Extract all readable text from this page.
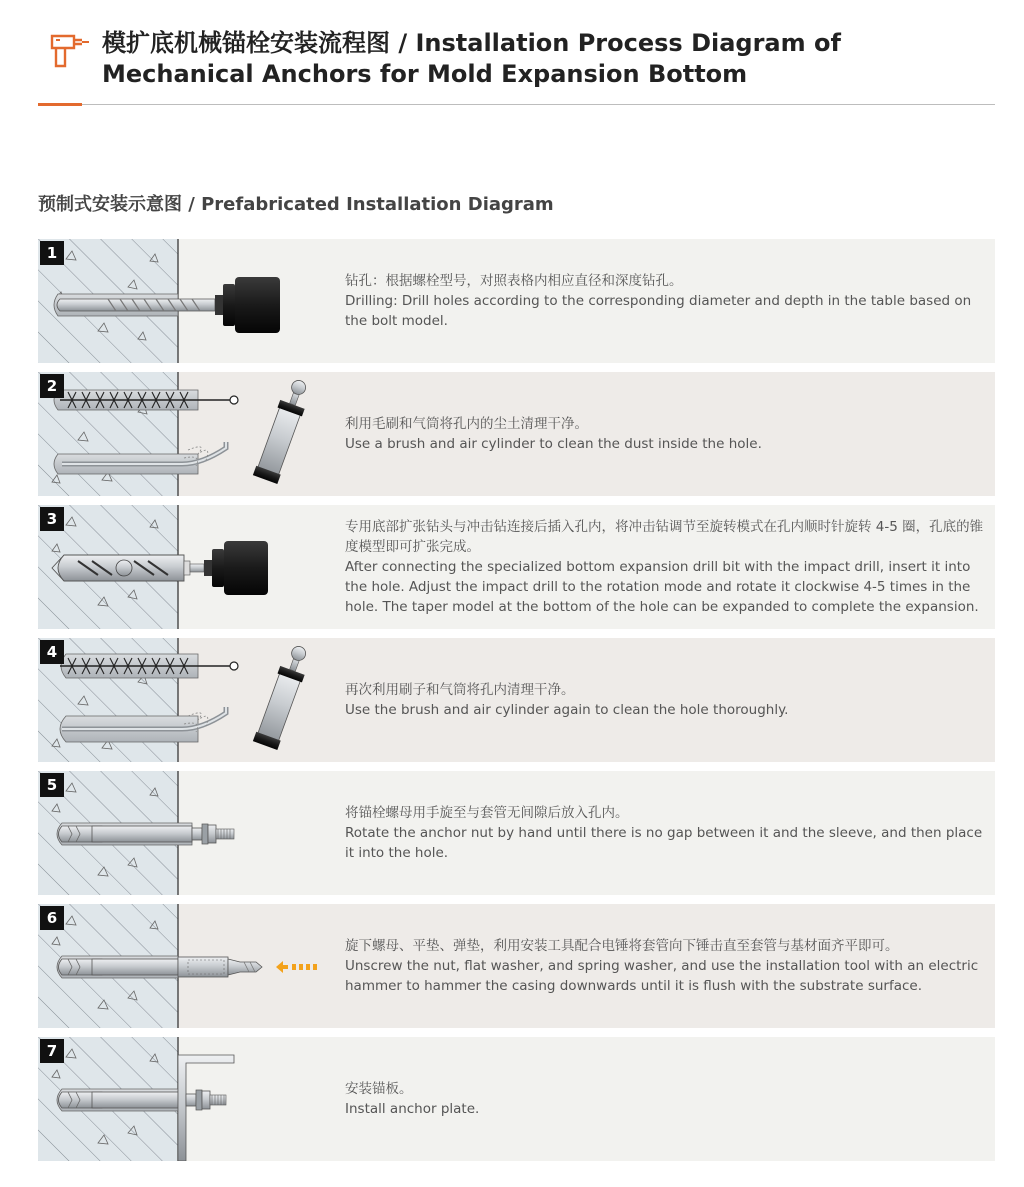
模扩底机械锚栓安装流程图 / Installation Process Diagram of Mechanical Anchors for Mold Expansion Bottom
预制式安装示意图 / Prefabricated Installation Diagram
1

钻孔：根据螺栓型号，对照表格内相应直径和深度钻孔。

Drilling: Drill holes according to the corresponding diameter and depth in the table based on the bolt model.

2

利用毛刷和气筒将孔内的尘土清理干净。

Use a brush and air cylinder to clean the dust inside the hole.

3	专用底部扩张钻头与冲击钻连接后插入孔内，将冲击钻调节至旋转模式在孔内顺时针旋转 4-5 圈，孔底的锥度模型即可扩张完成。

After connecting the specialized bottom expansion drill bit with the impact drill, insert it into the hole. Adjust the impact drill to the rotation mode and rotate it clockwise 4-5 times in the hole. The taper model at the bottom of the hole can be expanded to complete the expansion.

4

再次利用刷子和气筒将孔内清理干净。

Use the brush and air cylinder again to clean the hole thoroughly.

5

将锚栓螺母用手旋至与套管无间隙后放入孔内。

Rotate the anchor nut by hand until there is no gap between it and the sleeve, and then place it into the hole.

6

旋下螺母、平垫、弹垫，利用安装工具配合电锤将套管向下锤击直至套管与基材面齐平即可。

Unscrew the nut, flat washer, and spring washer, and use the installation tool with an electric hammer to hammer the casing downwards until it is flush with the substrate surface.

7

安装锚板。

Install anchor plate.
